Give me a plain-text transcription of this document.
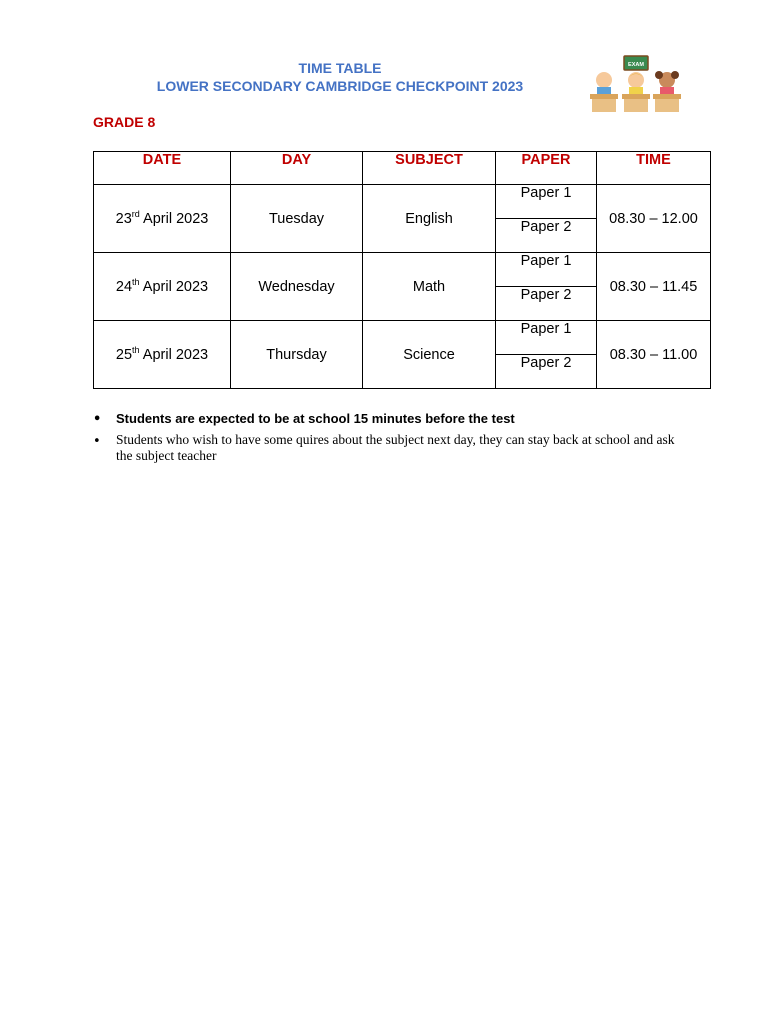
TIME TABLE
LOWER SECONDARY CAMBRIDGE CHECKPOINT 2023
EXAM
GRADE 8
DATE	DAY	SUBJECT	PAPER	TIME

23rd April 2023	Tuesday	English	Paper 1	08.30 – 12.00

			Paper 2	

24th April 2023	Wednesday	Math	Paper 1	08.30 – 11.45

			Paper 2	

25th April 2023	Thursday	Science	Paper 1	08.30 – 11.00

			Paper 2	
• Students are expected to be at school 15 minutes before the test
• Students who wish to have some quires about the subject next day, they can stay back at school and ask the subject teacher
